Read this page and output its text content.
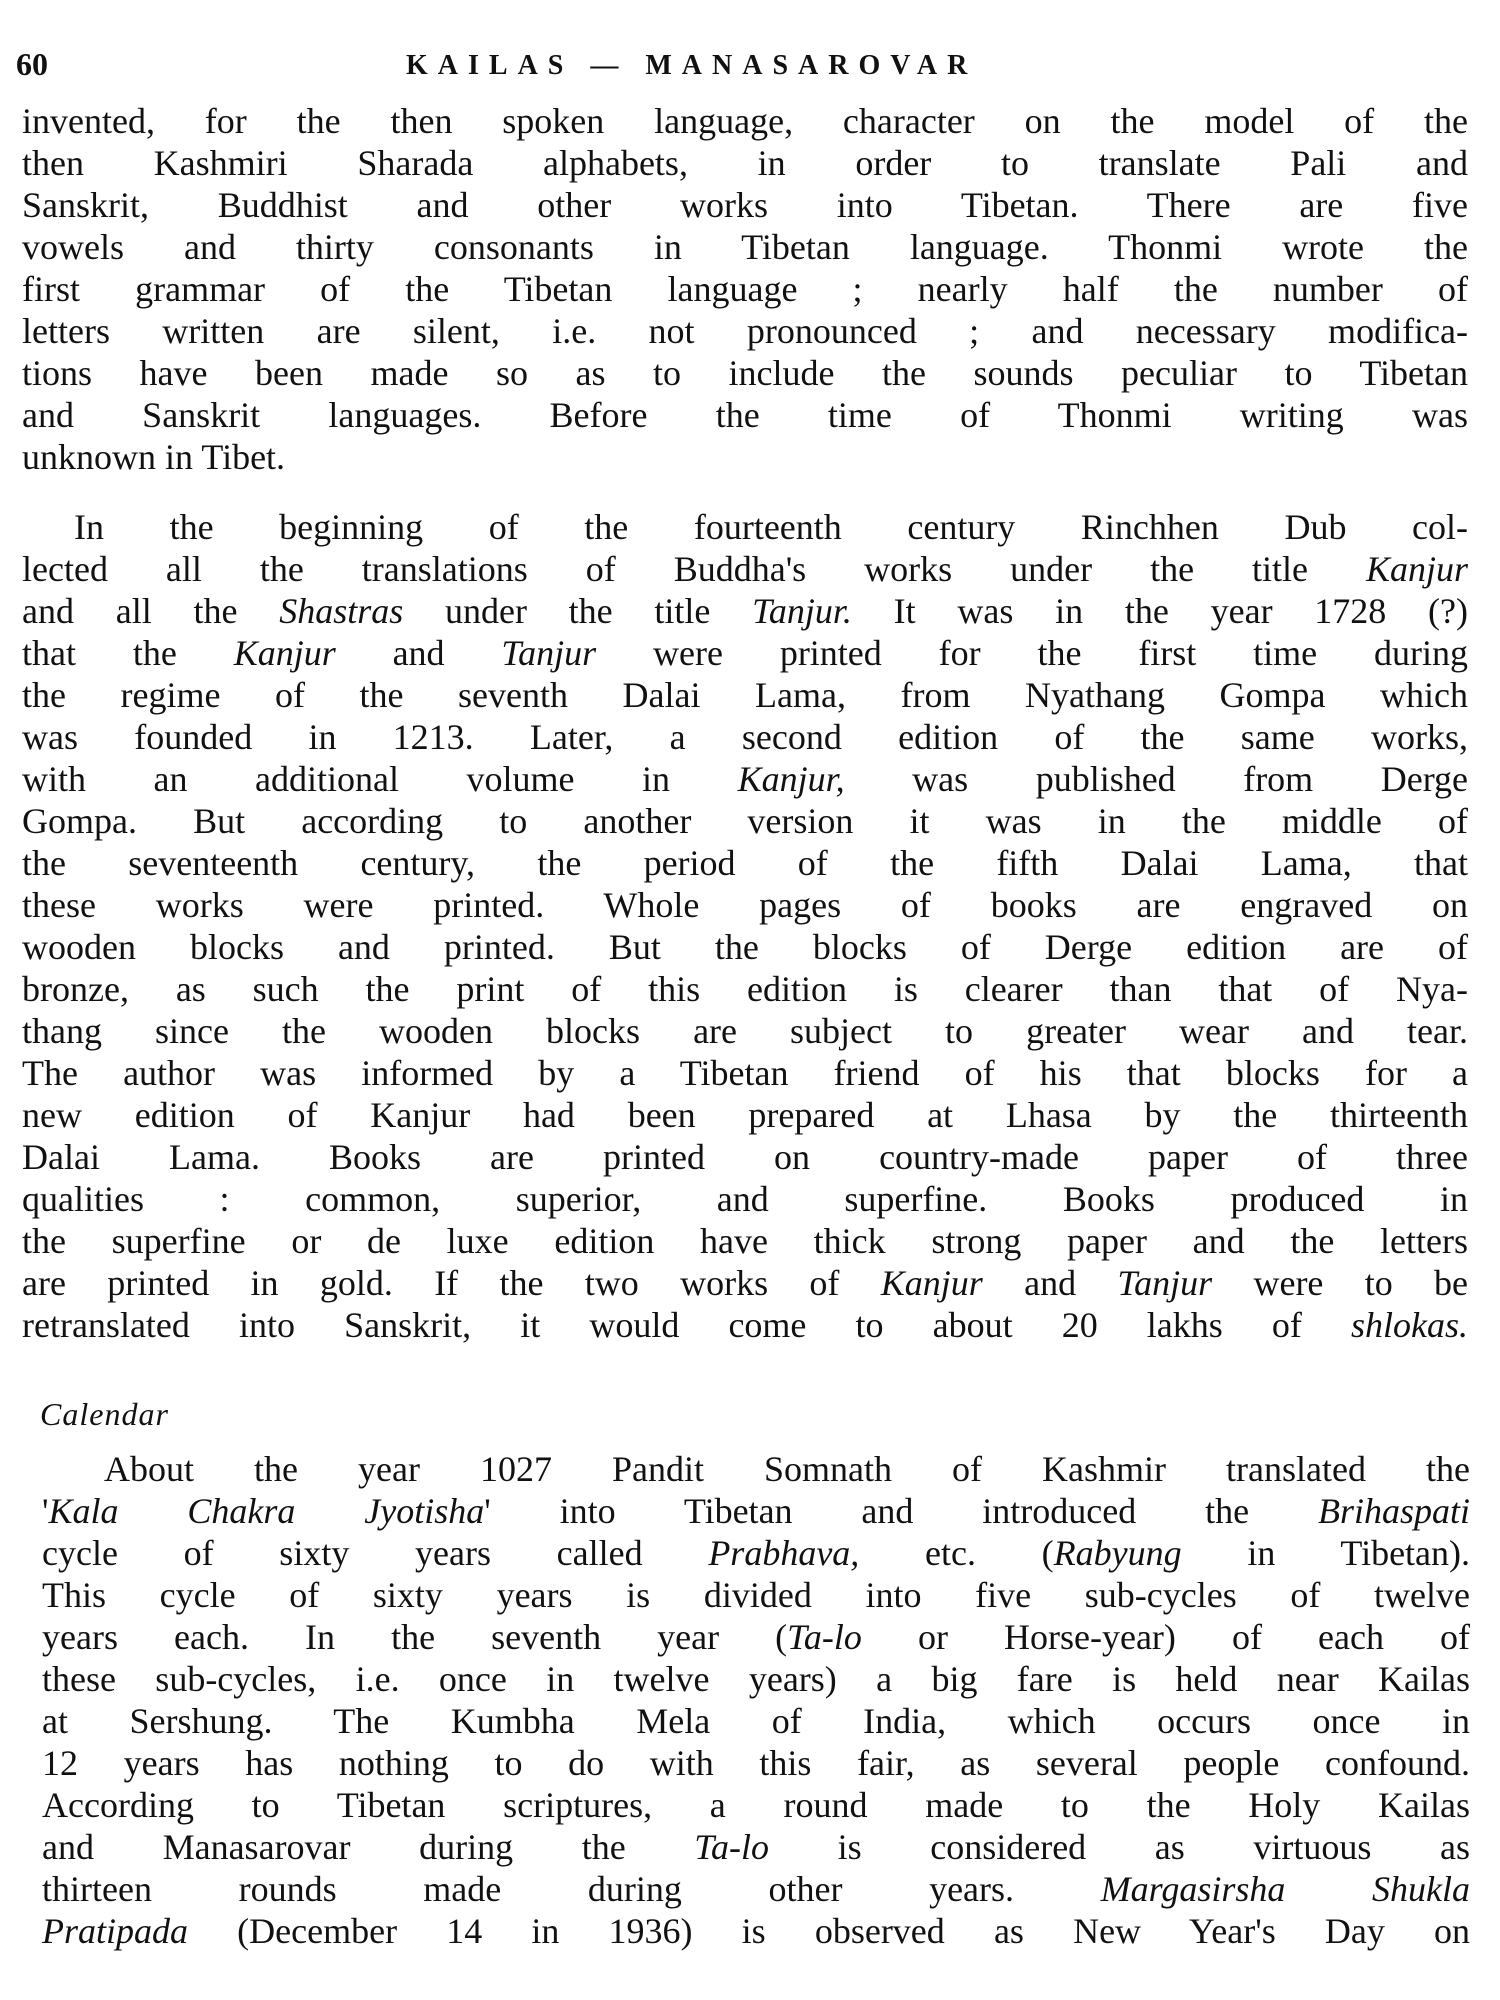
60	KAILAS — MANASAROVAR
invented, for the then spoken language, character on the model of the
then Kashmiri Sharada alphabets, in order to translate Pali and
Sanskrit, Buddhist and other works into Tibetan. There are five
vowels and thirty consonants in Tibetan language. Thonmi wrote the
first grammar of the Tibetan language ; nearly half the number of
letters written are silent, i.e. not pronounced ; and necessary modifica-
tions have been made so as to include the sounds peculiar to Tibetan
and Sanskrit languages. Before the time of Thonmi writing was
unknown in Tibet.
In the beginning of the fourteenth century Rinchhen Dub col-
lected all the translations of Buddha's works under the title Kanjur
and all the Shastras under the title Tanjur. It was in the year 1728 (?)
that the Kanjur and Tanjur were printed for the first time during
the regime of the seventh Dalai Lama, from Nyathang Gompa which
was founded in 1213. Later, a second edition of the same works,
with an additional volume in Kanjur, was published from Derge
Gompa. But according to another version it was in the middle of
the seventeenth century, the period of the fifth Dalai Lama, that
these works were printed. Whole pages of books are engraved on
wooden blocks and printed. But the blocks of Derge edition are of
bronze, as such the print of this edition is clearer than that of Nya-
thang since the wooden blocks are subject to greater wear and tear.
The author was informed by a Tibetan friend of his that blocks for a
new edition of Kanjur had been prepared at Lhasa by the thirteenth
Dalai Lama. Books are printed on country-made paper of three
qualities : common, superior, and superfine. Books produced in
the superfine or de luxe edition have thick strong paper and the letters
are printed in gold. If the two works of Kanjur and Tanjur were to be
retranslated into Sanskrit, it would come to about 20 lakhs of shlokas.
Calendar
About the year 1027 Pandit Somnath of Kashmir translated the
'Kala Chakra Jyotisha' into Tibetan and introduced the Brihaspati
cycle of sixty years called Prabhava, etc. (Rabyung in Tibetan).
This cycle of sixty years is divided into five sub-cycles of twelve
years each. In the seventh year (Ta-lo or Horse-year) of each of
these sub-cycles, i.e. once in twelve years) a big fare is held near Kailas
at Sershung. The Kumbha Mela of India, which occurs once in
12 years has nothing to do with this fair, as several people confound.
According to Tibetan scriptures, a round made to the Holy Kailas
and Manasarovar during the Ta-lo is considered as virtuous as
thirteen rounds made during other years. Margasirsha Shukla
Pratipada (December 14 in 1936) is observed as New Year's Day on
